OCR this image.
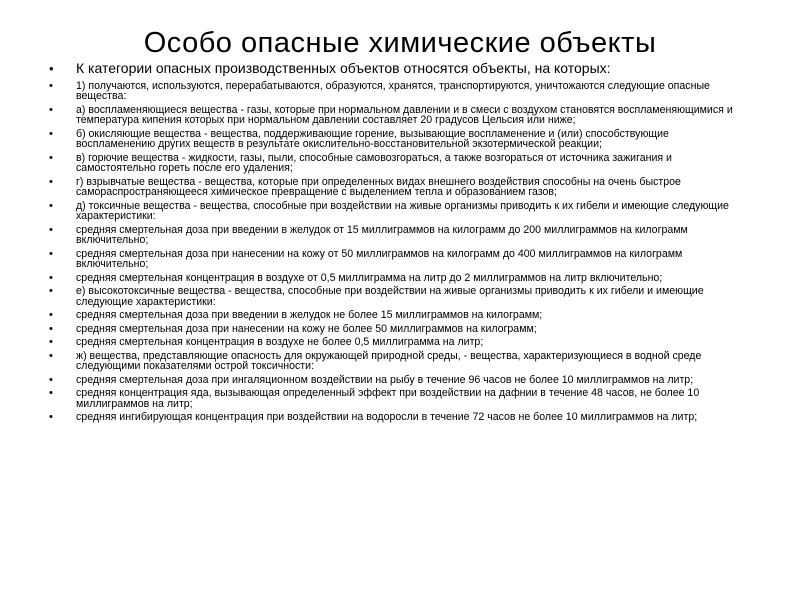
Особо опасные химические объекты
• К категории опасных производственных объектов относятся объекты, на которых:
• 1) получаются, используются, перерабатываются, образуются, хранятся, транспортируются, уничтожаются следующие опасные вещества:
• а) воспламеняющиеся вещества - газы, которые при нормальном давлении и в смеси с воздухом становятся воспламеняющимися и температура кипения которых при нормальном давлении составляет 20 градусов Цельсия или ниже;
• б) окисляющие вещества - вещества, поддерживающие горение, вызывающие воспламенение и (или) способствующие воспламенению других веществ в результате окислительно-восстановительной экзотермической реакции;
• в) горючие вещества - жидкости, газы, пыли, способные самовозгораться, а также возгораться от источника зажигания и самостоятельно гореть после его удаления;
• г) взрывчатые вещества - вещества, которые при определенных видах внешнего воздействия способны на очень быстрое самораспространяющееся химическое превращение с выделением тепла и образованием газов;
• д) токсичные вещества - вещества, способные при воздействии на живые организмы приводить к их гибели и имеющие следующие характеристики:
• средняя смертельная доза при введении в желудок от 15 миллиграммов на килограмм до 200 миллиграммов на килограмм включительно;
• средняя смертельная доза при нанесении на кожу от 50 миллиграммов на килограмм до 400 миллиграммов на килограмм включительно;
• средняя смертельная концентрация в воздухе от 0,5 миллиграмма на литр до 2 миллиграммов на литр включительно;
• е) высокотоксичные вещества - вещества, способные при воздействии на живые организмы приводить к их гибели и имеющие следующие характеристики:
• средняя смертельная доза при введении в желудок не более 15 миллиграммов на килограмм;
• средняя смертельная доза при нанесении на кожу не более 50 миллиграммов на килограмм;
• средняя смертельная концентрация в воздухе не более 0,5 миллиграмма на литр;
• ж) вещества, представляющие опасность для окружающей природной среды, - вещества, характеризующиеся в водной среде следующими показателями острой токсичности:
• средняя смертельная доза при ингаляционном воздействии на рыбу в течение 96 часов не более 10 миллиграммов на литр;
• средняя концентрация яда, вызывающая определенный эффект при воздействии на дафнии в течение 48 часов, не более 10 миллиграммов на литр;
• средняя ингибирующая концентрация при воздействии на водоросли в течение 72 часов не более 10 миллиграммов на литр;
